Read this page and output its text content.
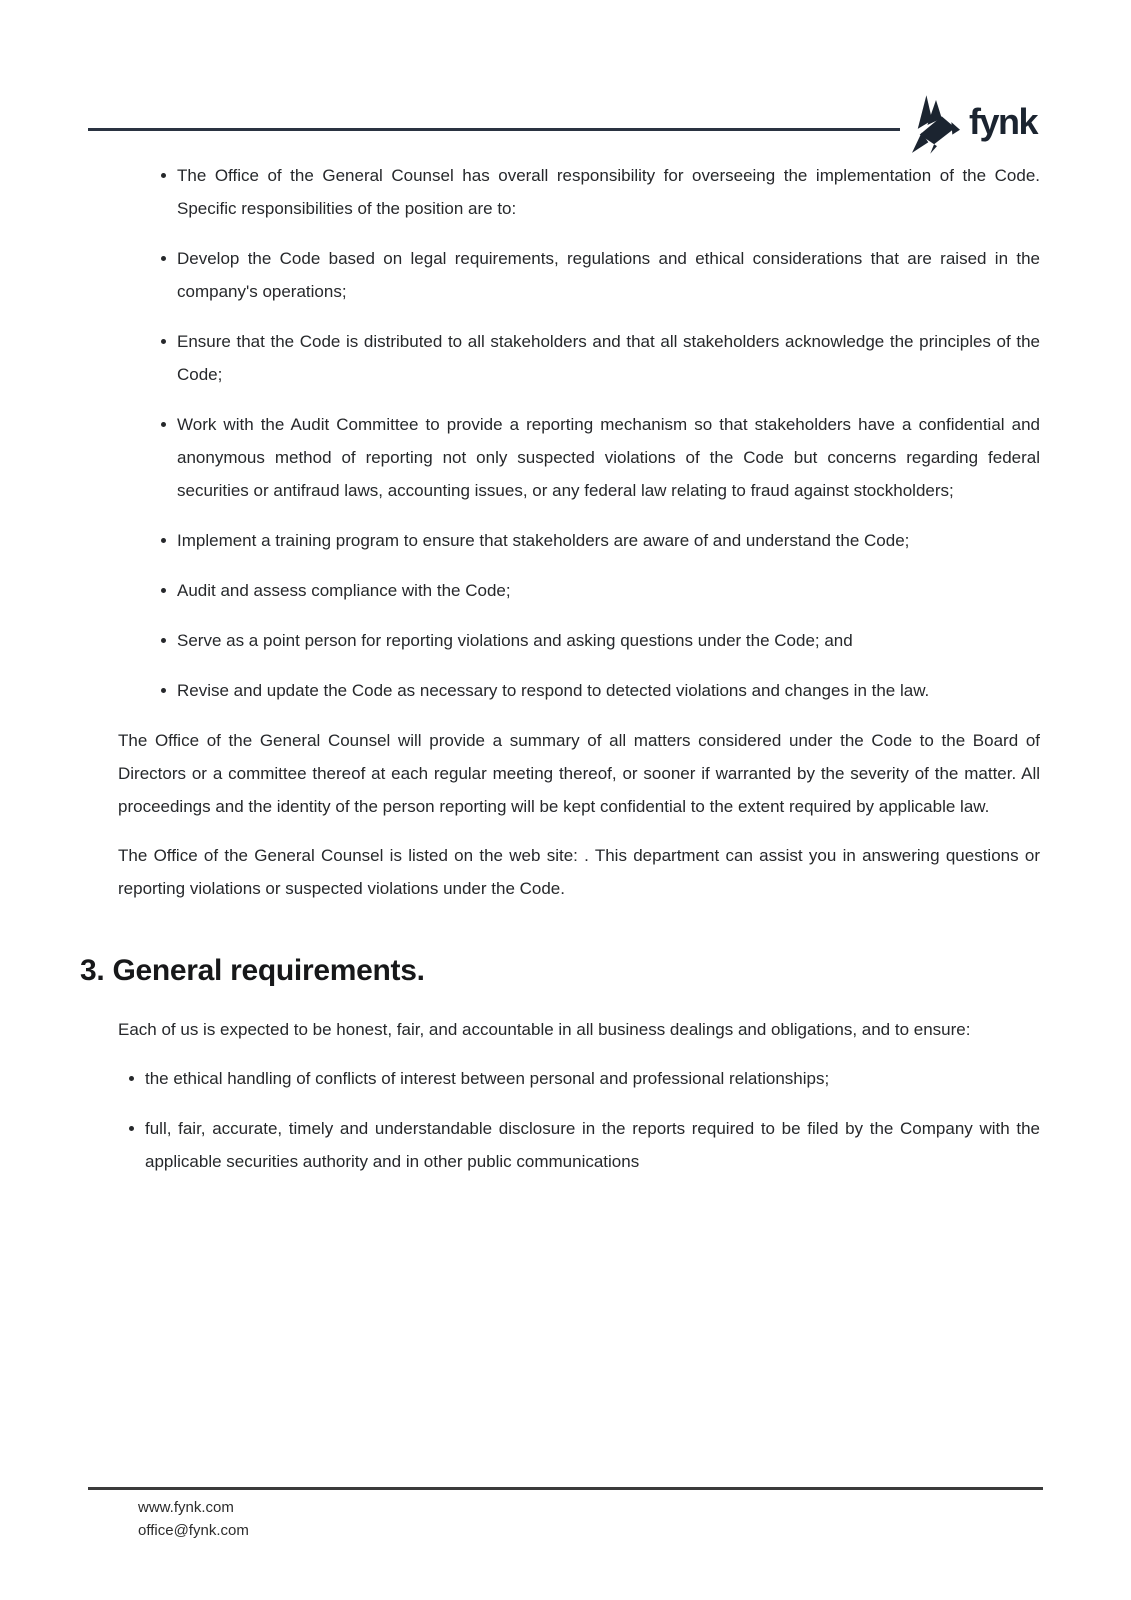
fynk
The Office of the General Counsel has overall responsibility for overseeing the implementation of the Code. Specific responsibilities of the position are to:
Develop the Code based on legal requirements, regulations and ethical considerations that are raised in the company's operations;
Ensure that the Code is distributed to all stakeholders and that all stakeholders acknowledge the principles of the Code;
Work with the Audit Committee to provide a reporting mechanism so that stakeholders have a confidential and anonymous method of reporting not only suspected violations of the Code but concerns regarding federal securities or antifraud laws, accounting issues, or any federal law relating to fraud against stockholders;
Implement a training program to ensure that stakeholders are aware of and understand the Code;
Audit and assess compliance with the Code;
Serve as a point person for reporting violations and asking questions under the Code; and
Revise and update the Code as necessary to respond to detected violations and changes in the law.

The Office of the General Counsel will provide a summary of all matters considered under the Code to the Board of Directors or a committee thereof at each regular meeting thereof, or sooner if warranted by the severity of the matter. All proceedings and the identity of the person reporting will be kept confidential to the extent required by applicable law.

The Office of the General Counsel is listed on the web site: . This department can assist you in answering questions or reporting violations or suspected violations under the Code.

3. General requirements.

Each of us is expected to be honest, fair, and accountable in all business dealings and obligations, and to ensure:

the ethical handling of conflicts of interest between personal and professional relationships;
full, fair, accurate, timely and understandable disclosure in the reports required to be filed by the Company with the applicable securities authority and in other public communications
www.fynk.com
office@fynk.com
